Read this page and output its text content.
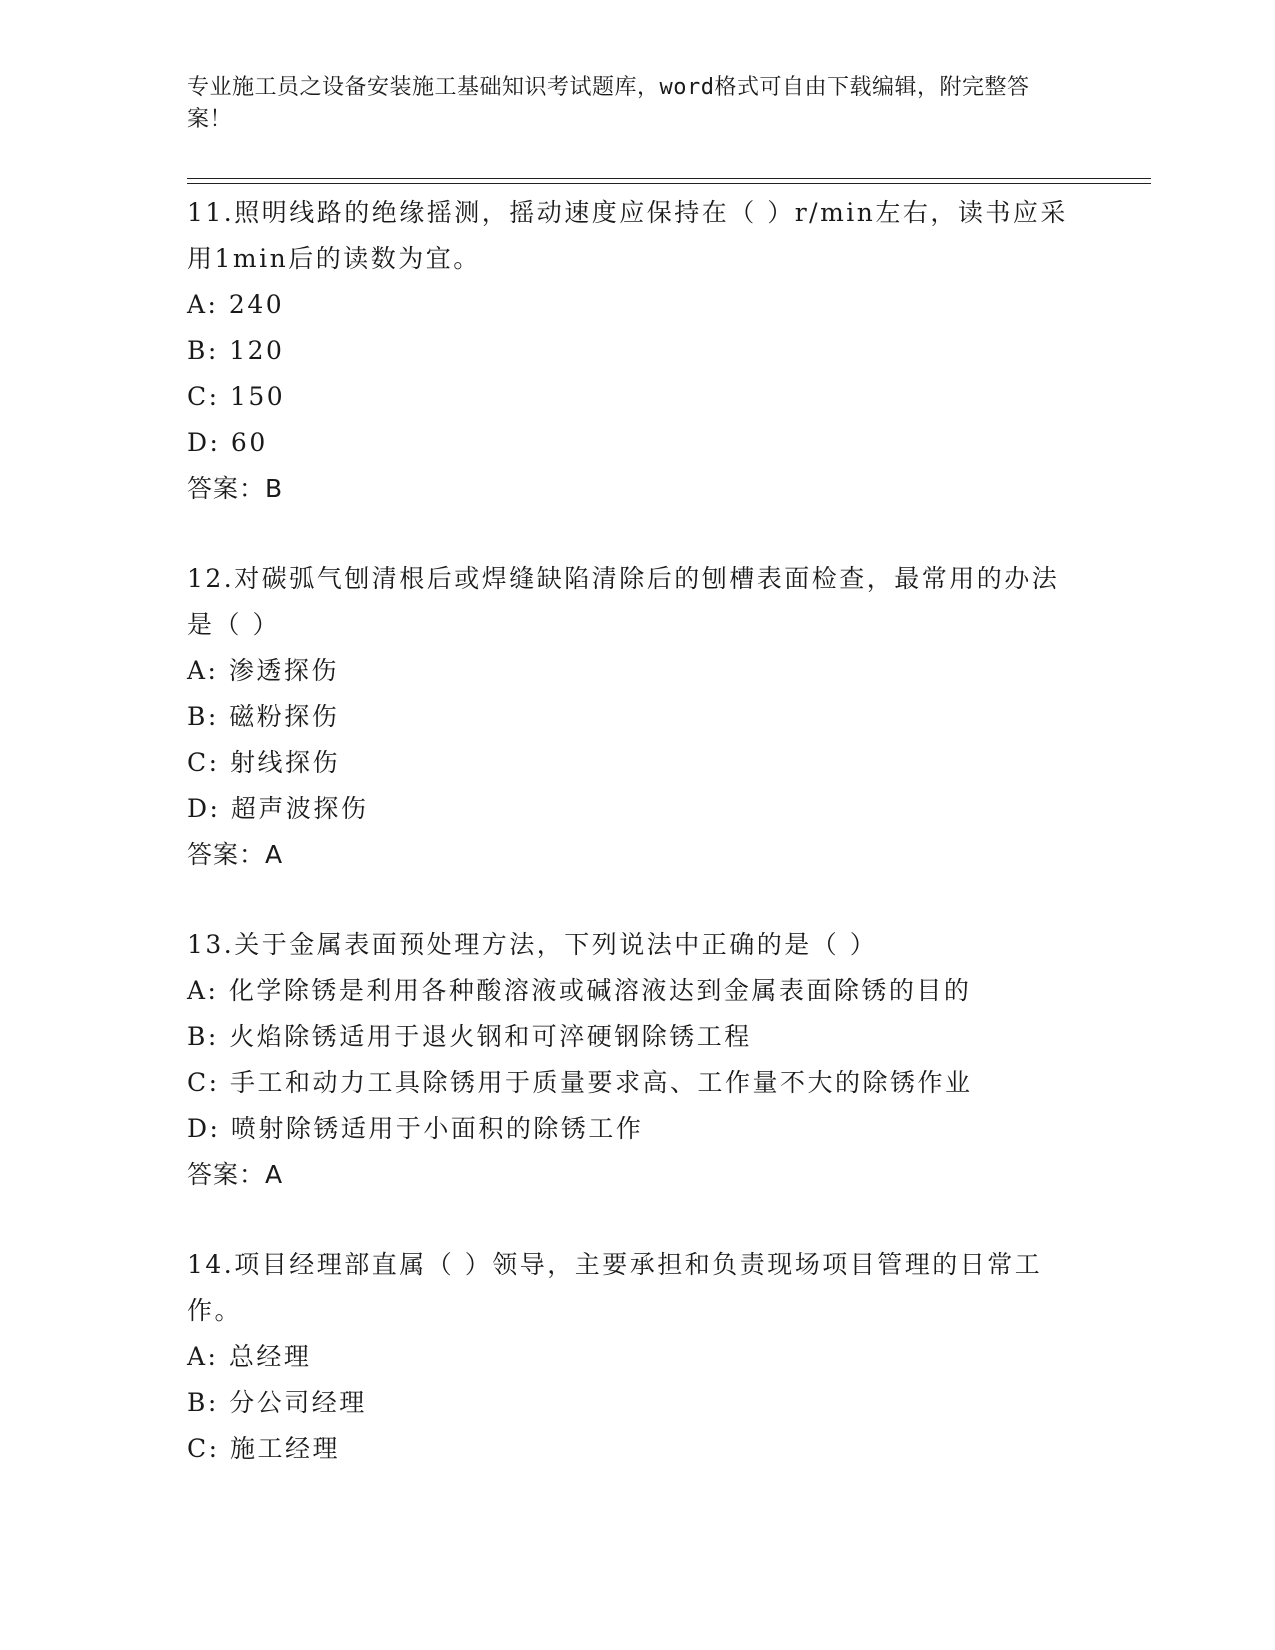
专业施工员之设备安装施工基础知识考试题库，word格式可自由下载编辑，附完整答案！

11.照明线路的绝缘摇测，摇动速度应保持在（ ）r/min左右，读书应采用1min后的读数为宜。

A: 240

B: 120

C: 150

D: 60

答案：B

12.对碳弧气刨清根后或焊缝缺陷清除后的刨槽表面检查，最常用的办法是（ ）

A: 渗透探伤

B: 磁粉探伤

C: 射线探伤

D: 超声波探伤

答案：A

13.关于金属表面预处理方法，下列说法中正确的是（ ）

A: 化学除锈是利用各种酸溶液或碱溶液达到金属表面除锈的目的

B: 火焰除锈适用于退火钢和可淬硬钢除锈工程

C: 手工和动力工具除锈用于质量要求高、工作量不大的除锈作业

D: 喷射除锈适用于小面积的除锈工作

答案：A

14.项目经理部直属（ ）领导，主要承担和负责现场项目管理的日常工作。

A: 总经理

B: 分公司经理

C: 施工经理
